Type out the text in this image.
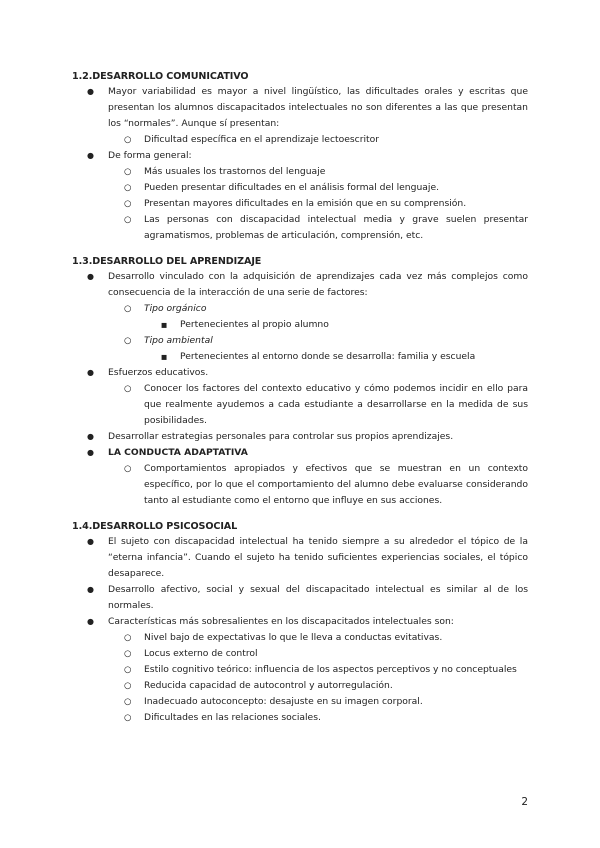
1.2.DESARROLLO COMUNICATIVO
● Mayor variabilidad es mayor a nivel lingüístico, las dificultades orales y escritas que presentan los alumnos discapacitados intelectuales no son diferentes a las que presentan los “normales”. Aunque sí presentan:
○ Dificultad específica en el aprendizaje lectoescritor
● De forma general:
○ Más usuales los trastornos del lenguaje
○ Pueden presentar dificultades en el análisis formal del lenguaje.
○ Presentan mayores dificultades en la emisión que en su comprensión.
○ Las personas con discapacidad intelectual media y grave suelen presentar agramatismos, problemas de articulación, comprensión, etc.
1.3.DESARROLLO DEL APRENDIZAJE
● Desarrollo vinculado con la adquisición de aprendizajes cada vez más complejos como consecuencia de la interacción de una serie de factores:
○ Tipo orgánico
■ Pertenecientes al propio alumno
○ Tipo ambiental
■ Pertenecientes al entorno donde se desarrolla: familia y escuela
● Esfuerzos educativos.
○ Conocer los factores del contexto educativo y cómo podemos incidir en ello para que realmente ayudemos a cada estudiante a desarrollarse en la medida de sus posibilidades.
● Desarrollar estrategias personales para controlar sus propios aprendizajes.
● LA CONDUCTA ADAPTATIVA
○ Comportamientos apropiados y efectivos que se muestran en un contexto específico, por lo que el comportamiento del alumno debe evaluarse considerando tanto al estudiante como el entorno que influye en sus acciones.
1.4.DESARROLLO PSICOSOCIAL
● El sujeto con discapacidad intelectual ha tenido siempre a su alrededor el tópico de la “eterna infancia”. Cuando el sujeto ha tenido suficientes experiencias sociales, el tópico desaparece.
● Desarrollo afectivo, social y sexual del discapacitado intelectual es similar al de los normales.
● Características más sobresalientes en los discapacitados intelectuales son:
○ Nivel bajo de expectativas lo que le lleva a conductas evitativas.
○ Locus externo de control
○ Estilo cognitivo teórico: influencia de los aspectos perceptivos y no conceptuales
○ Reducida capacidad de autocontrol y autorregulación.
○ Inadecuado autoconcepto: desajuste en su imagen corporal.
○ Dificultades en las relaciones sociales.
2
